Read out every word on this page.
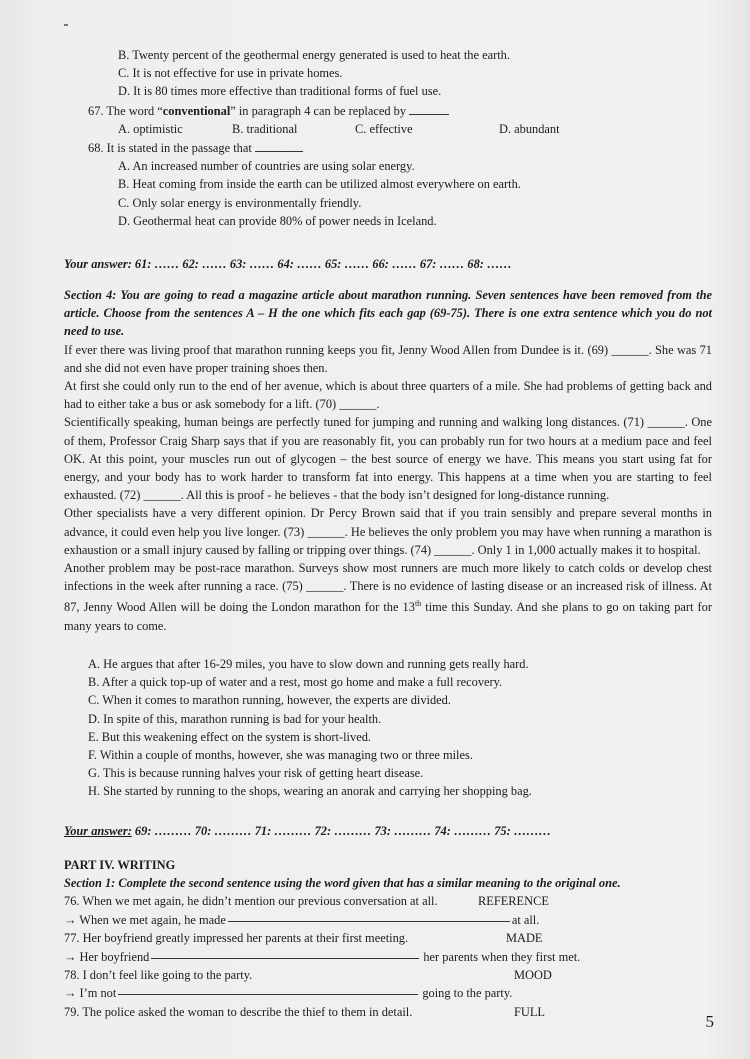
B. Twenty percent of the geothermal energy generated is used to heat the earth.
C. It is not effective for use in private homes.
D. It is 80 times more effective than traditional forms of fuel use.
67. The word “conventional” in paragraph 4 can be replaced by
A. optimistic	B. traditional	C. effective	D. abundant
68. It is stated in the passage that
A. An increased number of countries are using solar energy.
B. Heat coming from inside the earth can be utilized almost everywhere on earth.
C. Only solar energy is environmentally friendly.
D. Geothermal heat can provide 80% of power needs in Iceland.
Your answer: 61: …… 62: …… 63: …… 64: …… 65: …… 66: …… 67: …… 68: ……
Section 4: You are going to read a magazine article about marathon running. Seven sentences have been removed from the article. Choose from the sentences A – H the one which fits each gap (69-75). There is one extra sentence which you do not need to use.
If ever there was living proof that marathon running keeps you fit, Jenny Wood Allen from Dundee is it. (69) ______. She was 71 and she did not even have proper training shoes then.
At first she could only run to the end of her avenue, which is about three quarters of a mile. She had problems of getting back and had to either take a bus or ask somebody for a lift. (70) ______.
Scientifically speaking, human beings are perfectly tuned for jumping and running and walking long distances. (71) ______. One of them, Professor Craig Sharp says that if you are reasonably fit, you can probably run for two hours at a medium pace and feel OK. At this point, your muscles run out of glycogen – the best source of energy we have. This means you start using fat for energy, and your body has to work harder to transform fat into energy. This happens at a time when you are starting to feel exhausted. (72) ______. All this is proof - he believes - that the body isn’t designed for long-distance running.
Other specialists have a very different opinion. Dr Percy Brown said that if you train sensibly and prepare several months in advance, it could even help you live longer. (73) ______. He believes the only problem you may have when running a marathon is exhaustion or a small injury caused by falling or tripping over things. (74) ______. Only 1 in 1,000 actually makes it to hospital.
Another problem may be post-race marathon. Surveys show most runners are much more likely to catch colds or develop chest infections in the week after running a race. (75) ______. There is no evidence of lasting disease or an increased risk of illness. At 87, Jenny Wood Allen will be doing the London marathon for the 13th time this Sunday. And she plans to go on taking part for many years to come.
A. He argues that after 16-29 miles, you have to slow down and running gets really hard.
B. After a quick top-up of water and a rest, most go home and make a full recovery.
C. When it comes to marathon running, however, the experts are divided.
D. In spite of this, marathon running is bad for your health.
E. But this weakening effect on the system is short-lived.
F. Within a couple of months, however, she was managing two or three miles.
G. This is because running halves your risk of getting heart disease.
H. She started by running to the shops, wearing an anorak and carrying her shopping bag.
Your answer: 69: ……… 70: ……… 71: ……… 72: ……… 73: ……… 74: ……… 75: ………
PART IV. WRITING
Section 1: Complete the second sentence using the word given that has a similar meaning to the original one.
76. When we met again, he didn’t mention our previous conversation at all.	REFERENCE
→ When we met again, he made	at all.
77. Her boyfriend greatly impressed her parents at their first meeting.	MADE
→ Her boyfriend	her parents when they first met.
78. I don’t feel like going to the party.	MOOD
→ I’m not	going to the party.
79. The police asked the woman to describe the thief to them in detail.	FULL
5
